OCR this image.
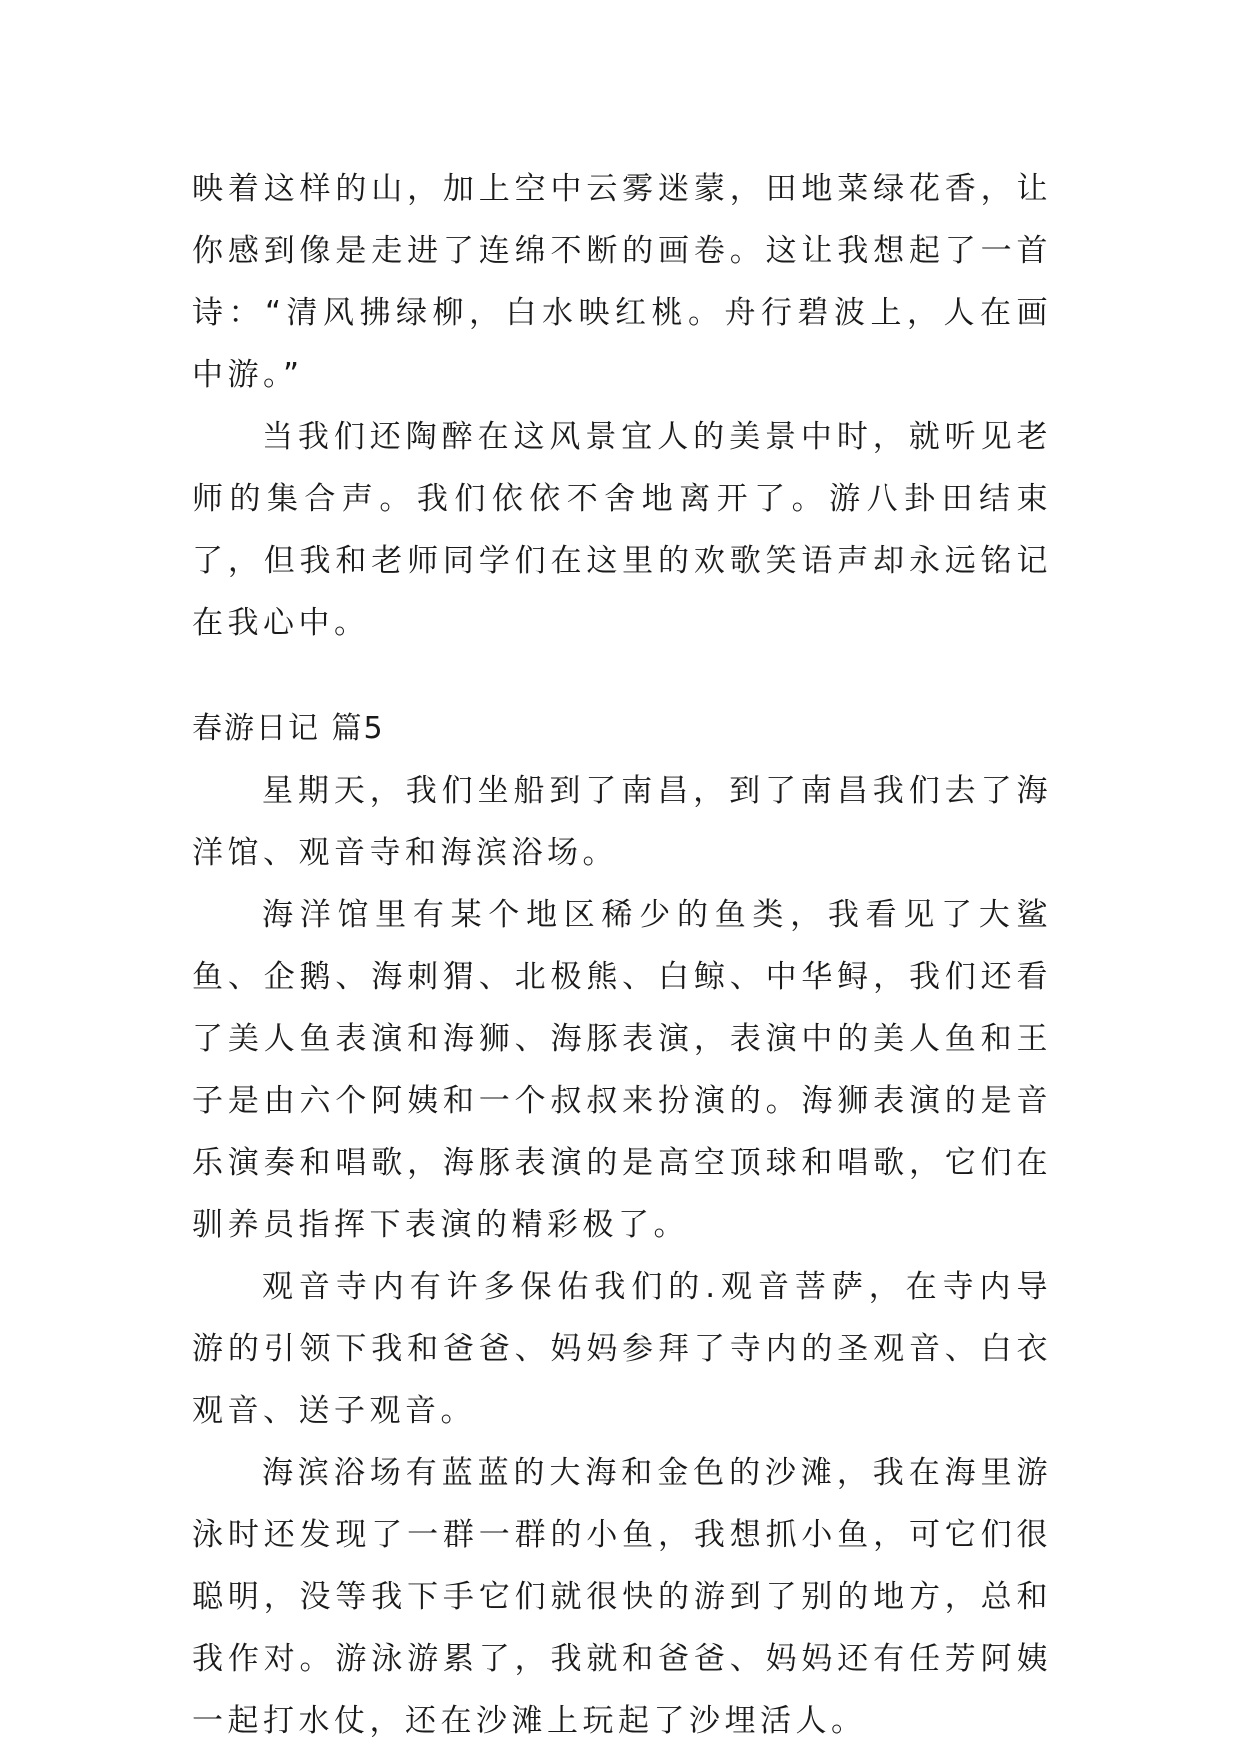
映着这样的山，加上空中云雾迷蒙，田地菜绿花香，让你感到像是走进了连绵不断的画卷。这让我想起了一首诗：“清风拂绿柳，白水映红桃。舟行碧波上，人在画中游。”

当我们还陶醉在这风景宜人的美景中时，就听见老师的集合声。我们依依不舍地离开了。游八卦田结束了，但我和老师同学们在这里的欢歌笑语声却永远铭记在我心中。

春游日记 篇5

星期天，我们坐船到了南昌，到了南昌我们去了海洋馆、观音寺和海滨浴场。

海洋馆里有某个地区稀少的鱼类，我看见了大鲨鱼、企鹅、海刺猬、北极熊、白鲸、中华鲟，我们还看了美人鱼表演和海狮、海豚表演，表演中的美人鱼和王子是由六个阿姨和一个叔叔来扮演的。海狮表演的是音乐演奏和唱歌，海豚表演的是高空顶球和唱歌，它们在驯养员指挥下表演的精彩极了。

观音寺内有许多保佑我们的.观音菩萨，在寺内导游的引领下我和爸爸、妈妈参拜了寺内的圣观音、白衣观音、送子观音。

海滨浴场有蓝蓝的大海和金色的沙滩，我在海里游泳时还发现了一群一群的小鱼，我想抓小鱼，可它们很聪明，没等我下手它们就很快的游到了别的地方，总和我作对。游泳游累了，我就和爸爸、妈妈还有任芳阿姨一起打水仗，还在沙滩上玩起了沙埋活人。
